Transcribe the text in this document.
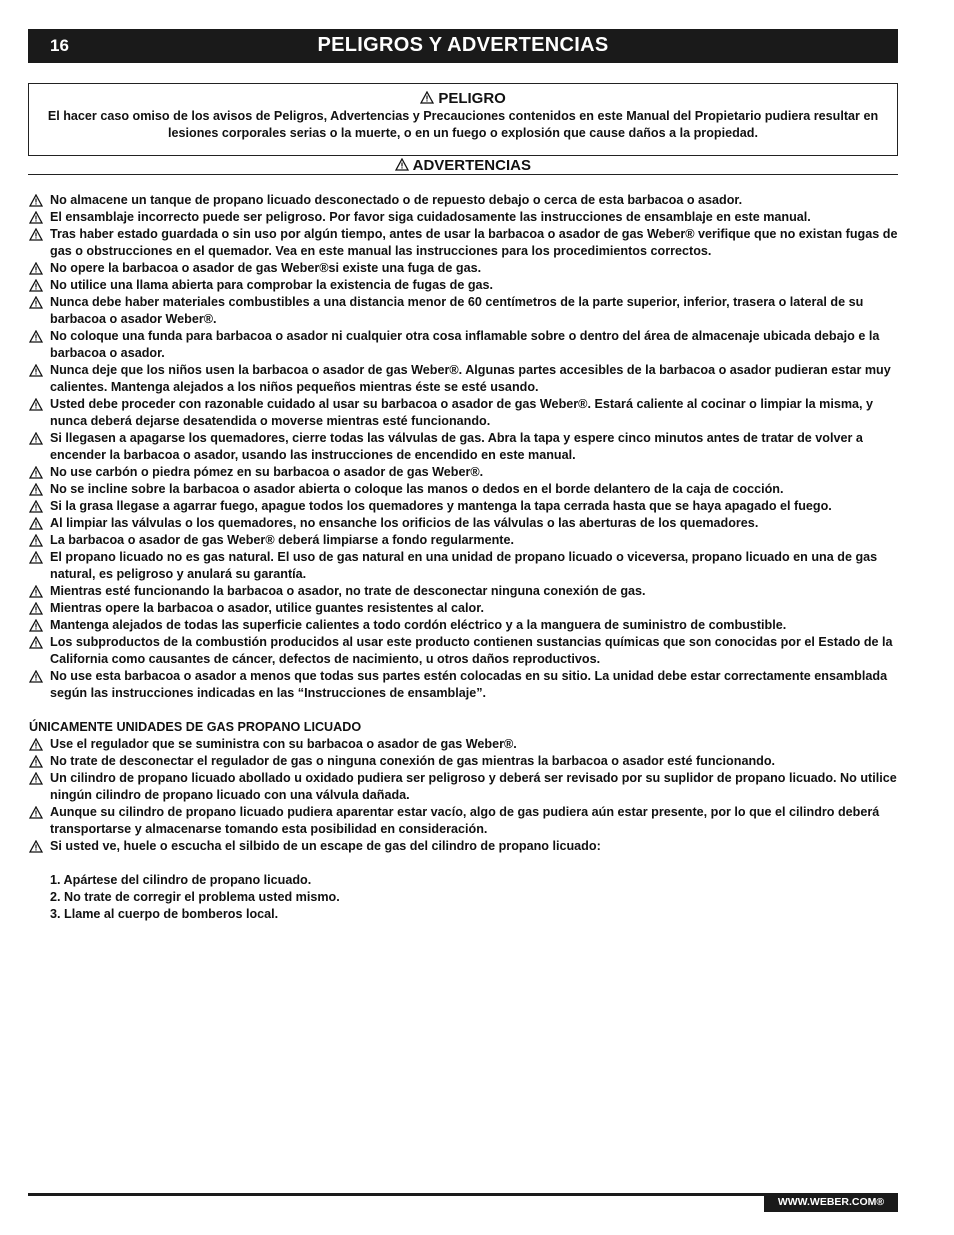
16	PELIGROS Y ADVERTENCIAS
PELIGRO
El hacer caso omiso de los avisos de Peligros, Advertencias y Precauciones contenidos en este Manual del Propietario pudiera resultar en lesiones corporales serias o la muerte, o en un fuego o explosión que cause daños a la propiedad.
ADVERTENCIAS
No almacene un tanque de propano licuado desconectado o de repuesto debajo o cerca de esta barbacoa o asador.
El ensamblaje incorrecto puede ser peligroso. Por favor siga cuidadosamente las instrucciones de ensamblaje en este manual.
Tras haber estado guardada o sin uso por algún tiempo, antes de usar la barbacoa o asador de gas Weber® verifique que no existan fugas de gas o obstrucciones en el quemador. Vea en este manual las instrucciones para los procedimientos correctos.
No opere la barbacoa o asador de gas Weber®si existe una fuga de gas.
No utilice una llama abierta para comprobar la existencia de fugas de gas.
Nunca debe haber materiales combustibles a una distancia menor de 60 centímetros de la parte superior, inferior, trasera o lateral de su barbacoa o asador Weber®.
No coloque una funda para barbacoa o asador ni cualquier otra cosa inflamable sobre o dentro del área de almacenaje ubicada debajo e la barbacoa o asador.
Nunca deje que los niños usen la barbacoa o asador de gas Weber®. Algunas partes accesibles de la barbacoa o asador pudieran estar muy calientes. Mantenga alejados a los niños pequeños mientras éste se esté usando.
Usted debe proceder con razonable cuidado al usar su barbacoa o asador de gas Weber®. Estará caliente al cocinar o limpiar la misma, y nunca deberá dejarse desatendida o moverse mientras esté funcionando.
Si llegasen a apagarse los quemadores, cierre todas las válvulas de gas. Abra la tapa y espere cinco minutos antes de tratar de volver a encender la barbacoa o asador, usando las instrucciones de encendido en este manual.
No use carbón o piedra pómez en su barbacoa o asador de gas Weber®.
No se incline sobre la barbacoa o asador abierta o coloque las manos o dedos en el borde delantero de la caja de cocción.
Si la grasa llegase a agarrar fuego, apague todos los quemadores y mantenga la tapa cerrada hasta que se haya apagado el fuego.
Al limpiar las válvulas o los quemadores, no ensanche los orificios de las válvulas o las aberturas de los quemadores.
La barbacoa o asador de gas Weber® deberá limpiarse a fondo regularmente.
El propano licuado no es gas natural. El uso de gas natural en una unidad de propano licuado o viceversa, propano licuado en una de gas natural, es peligroso y anulará su garantía.
Mientras esté funcionando la barbacoa o asador, no trate de desconectar ninguna conexión de gas.
Mientras opere la barbacoa o asador, utilice guantes resistentes al calor.
Mantenga alejados de todas las superficie calientes a todo cordón eléctrico y a la manguera de suministro de combustible.
Los subproductos de la combustión producidos al usar este producto contienen sustancias químicas que son conocidas por el Estado de la California como causantes de cáncer, defectos de nacimiento, u otros daños reproductivos.
No use esta barbacoa o asador a menos que todas sus partes estén colocadas en su sitio. La unidad debe estar correctamente ensamblada según las instrucciones indicadas en las “Instrucciones de ensamblaje”.
ÚNICAMENTE UNIDADES DE GAS PROPANO LICUADO
Use el regulador que se suministra con su barbacoa o asador de gas Weber®.
No trate de desconectar el regulador de gas o ninguna conexión de gas mientras la barbacoa o asador esté funcionando.
Un cilindro de propano licuado abollado u oxidado pudiera ser peligroso y deberá ser revisado por su suplidor de propano licuado. No utilice ningún cilindro de propano licuado con una válvula dañada.
Aunque su cilindro de propano licuado pudiera aparentar estar vacío, algo de gas pudiera aún estar presente, por lo que el cilindro deberá transportarse y almacenarse tomando esta posibilidad en consideración.
Si usted ve, huele o escucha el silbido de un escape de gas del cilindro de propano licuado:
1. Apártese del cilindro de propano licuado.
2. No trate de corregir el problema usted mismo.
3. Llame al cuerpo de bomberos local.
WWW.WEBER.COM®
